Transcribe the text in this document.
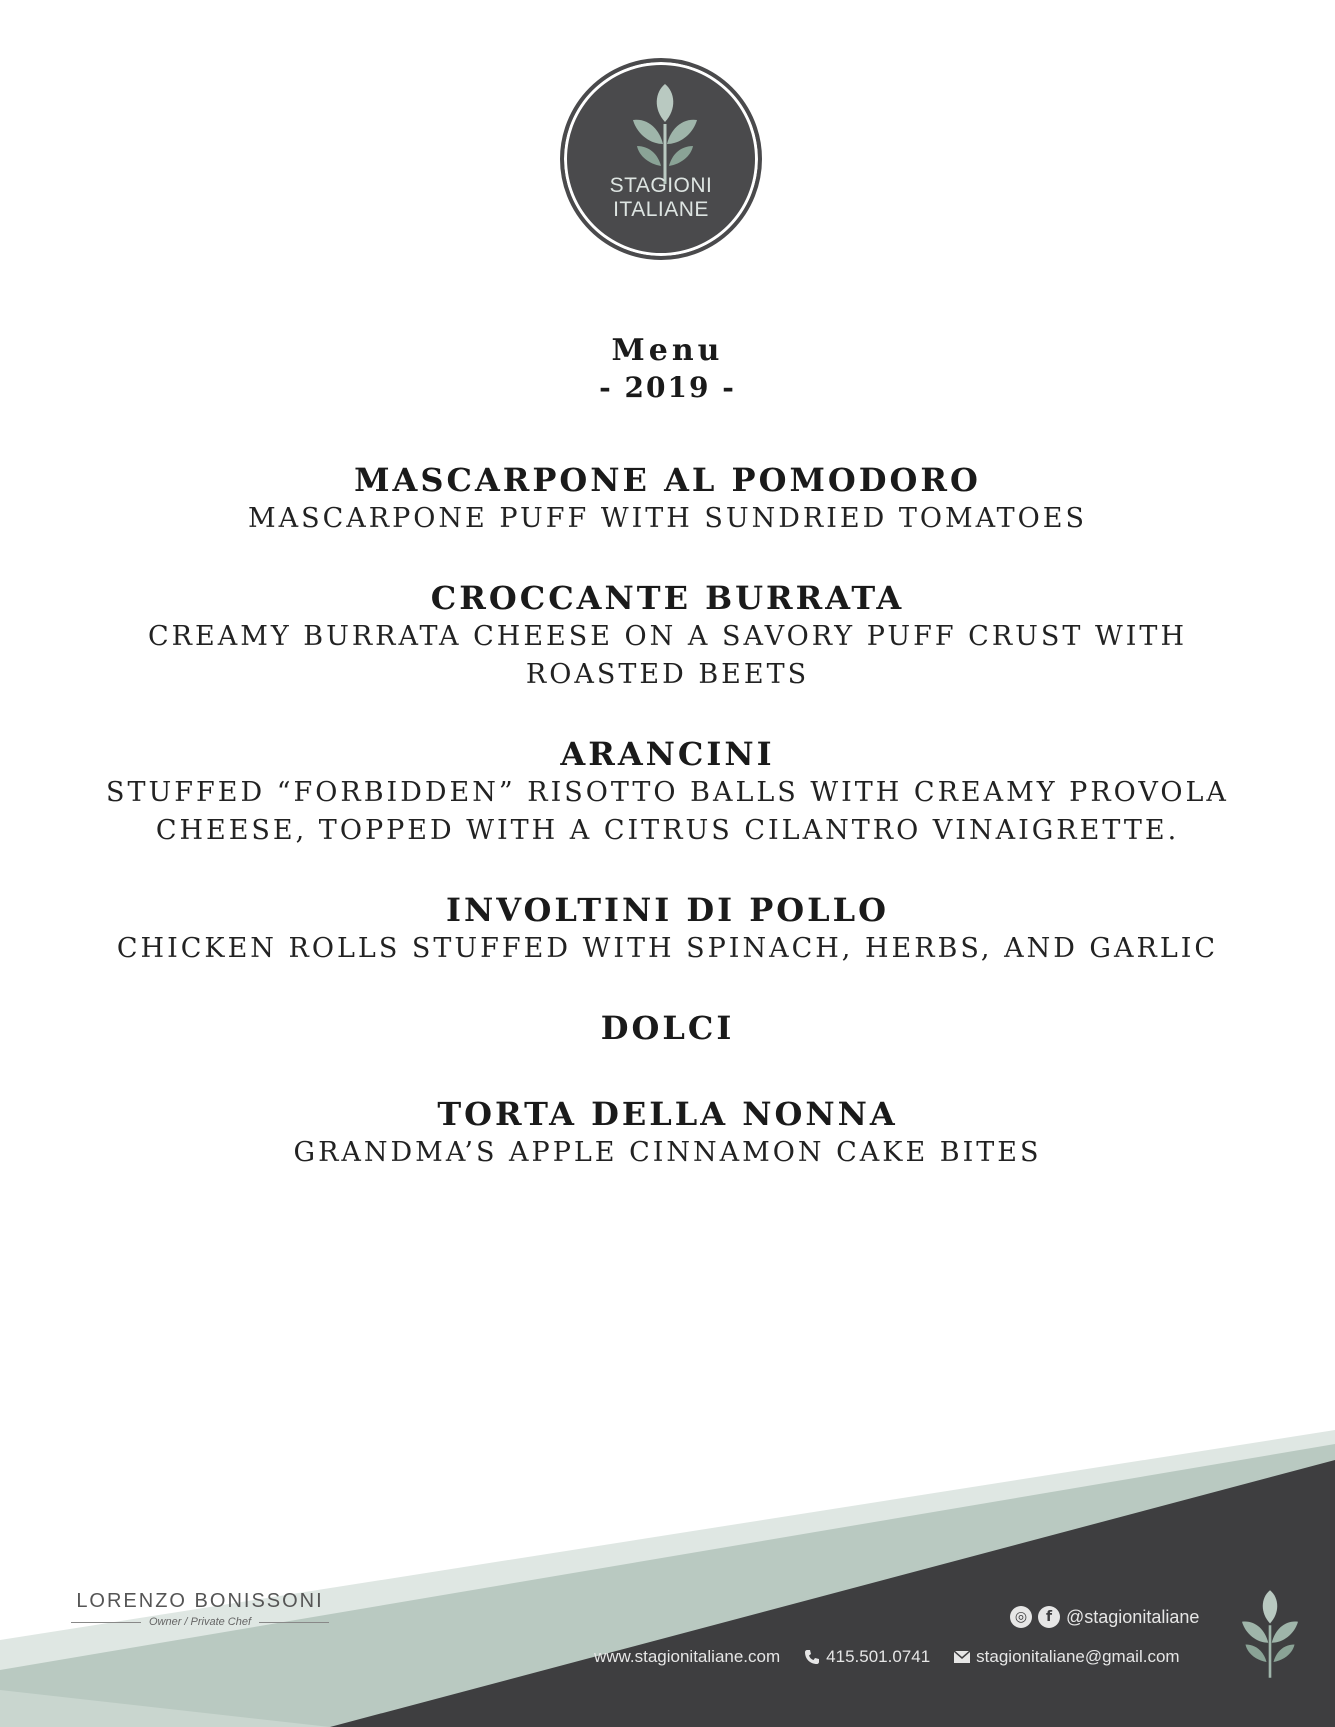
STAGIONI
ITALIANE

Menu

- 2019 -

MASCARPONE AL POMODORO

MASCARPONE PUFF WITH SUNDRIED TOMATOES

CROCCANTE BURRATA

CREAMY BURRATA CHEESE ON A SAVORY PUFF CRUST WITH ROASTED BEETS

ARANCINI

STUFFED “FORBIDDEN” RISOTTO BALLS WITH CREAMY PROVOLA CHEESE, TOPPED WITH A CITRUS CILANTRO VINAIGRETTE.

INVOLTINI DI POLLO

CHICKEN ROLLS STUFFED WITH SPINACH, HERBS, AND GARLIC

DOLCI

TORTA DELLA NONNA

GRANDMA’S APPLE CINNAMON CAKE BITES

LORENZO BONISSONI
Owner / Private Chef	◎	f @stagionitaliane
www.stagionitaliane.com	415.501.0741	stagionitaliane@gmail.com
